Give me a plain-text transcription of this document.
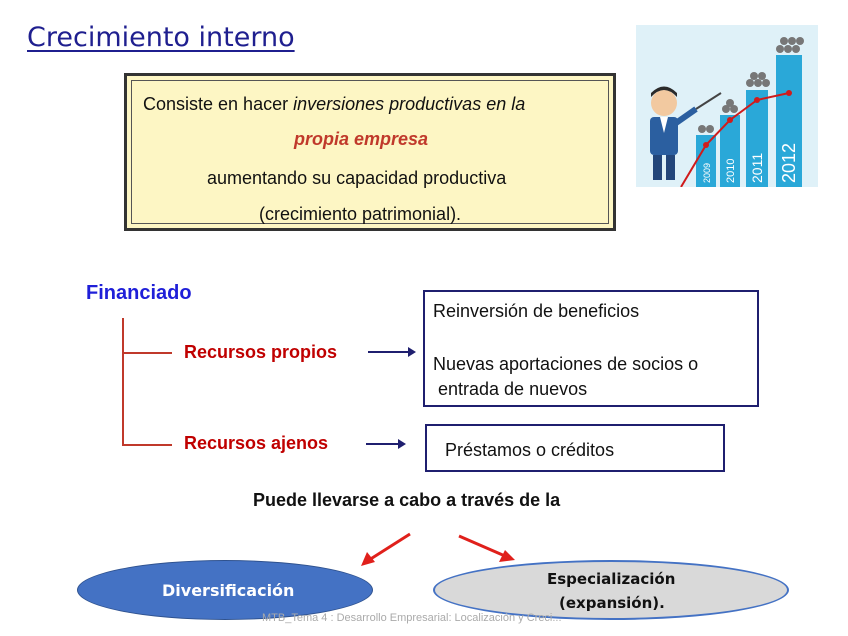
Crecimiento interno
Consiste en hacer inversiones productivas en la
propia empresa
aumentando su capacidad productiva
(crecimiento patrimonial).
2009 2010 2011 2012
Financiado
Recursos propios
Recursos ajenos
Reinversión de beneficios
Nuevas aportaciones de socios o
entrada de nuevos
Préstamos o créditos
Puede llevarse a cabo a través de la
Diversificación
Especialización
(expansión).
MTB_Tema 4 : Desarrollo Empresarial: Localización y Creci...
